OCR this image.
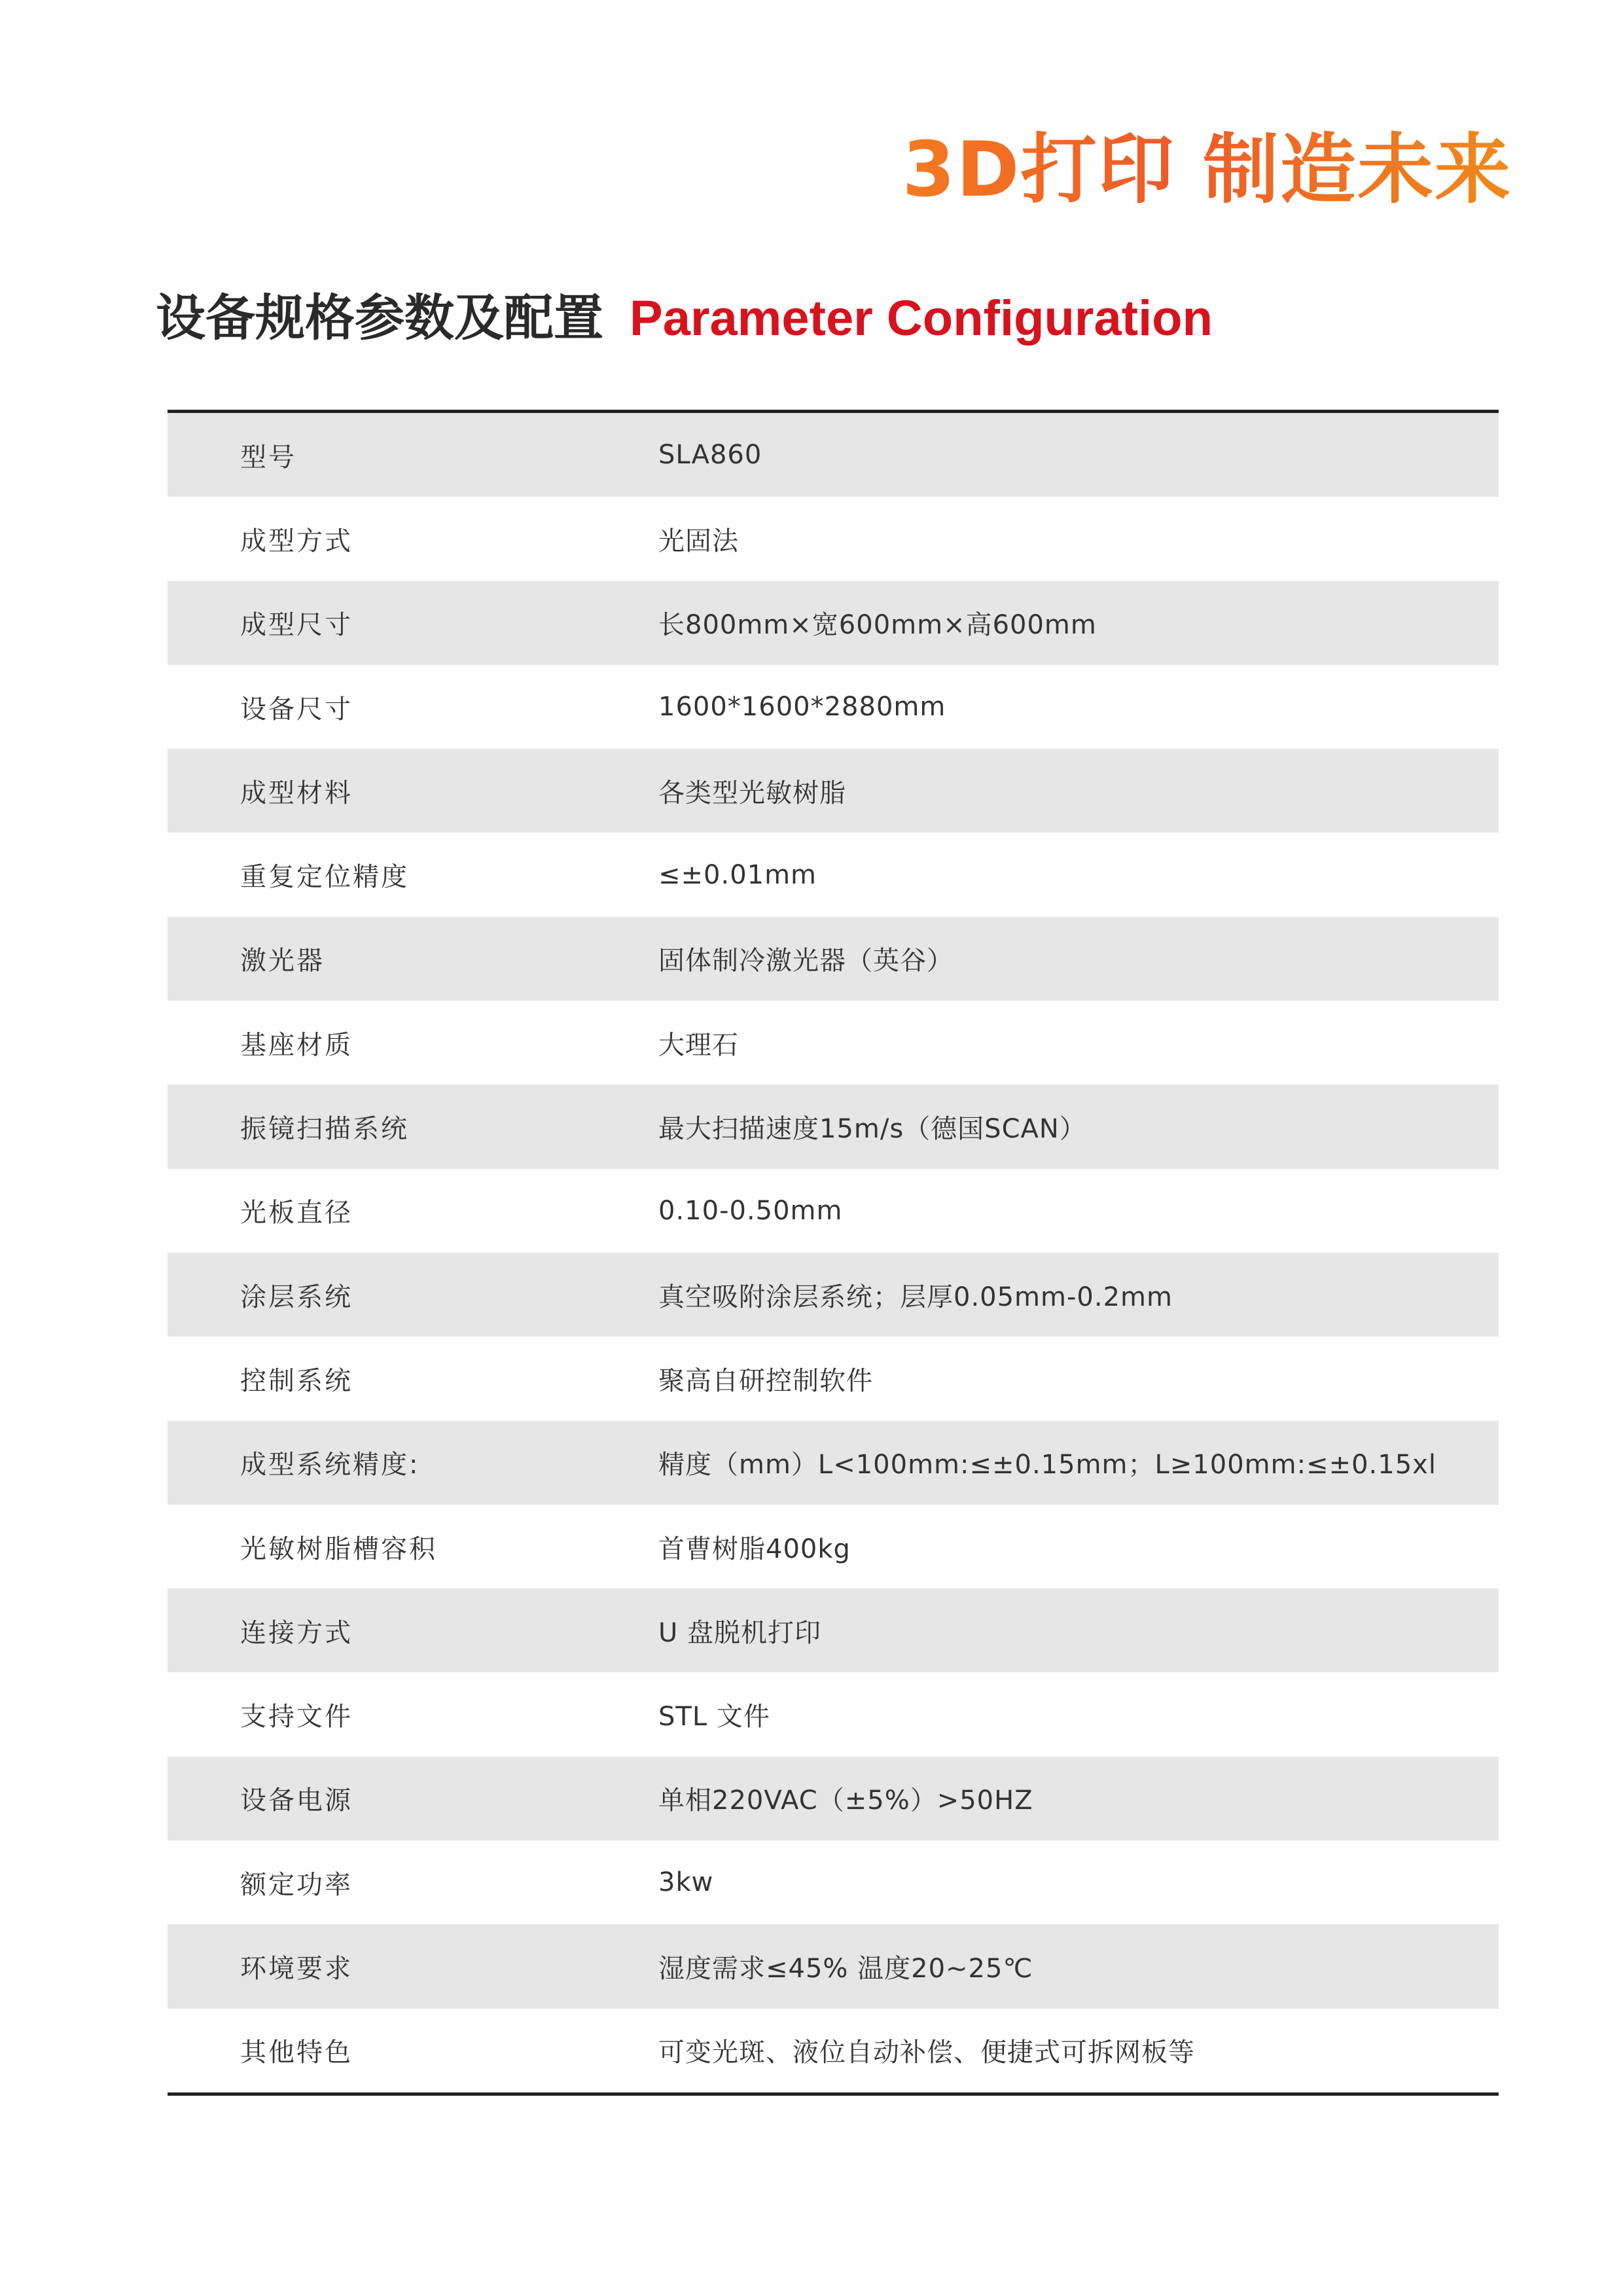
3D打印 制造未来
设备规格参数及配置 Parameter Configuration
型号	SLA860
成型方式	光固法
成型尺寸	长800mm×宽600mm×高600mm
设备尺寸	1600*1600*2880mm
成型材料	各类型光敏树脂
重复定位精度	≤±0.01mm
激光器	固体制冷激光器（英谷）
基座材质	大理石
振镜扫描系统	最大扫描速度15m/s（德国SCAN）
光板直径	0.10-0.50mm
涂层系统	真空吸附涂层系统；层厚0.05mm-0.2mm
控制系统	聚高自研控制软件
成型系统精度:	精度（mm）L<100mm:≤±0.15mm；L≥100mm:≤±0.15xl
光敏树脂槽容积	首曹树脂400kg
连接方式	U 盘脱机打印
支持文件	STL 文件
设备电源	单相220VAC（±5%）>50HZ
额定功率	3kw
环境要求	湿度需求≤45% 温度20~25℃
其他特色	可变光斑、液位自动补偿、便捷式可拆网板等
